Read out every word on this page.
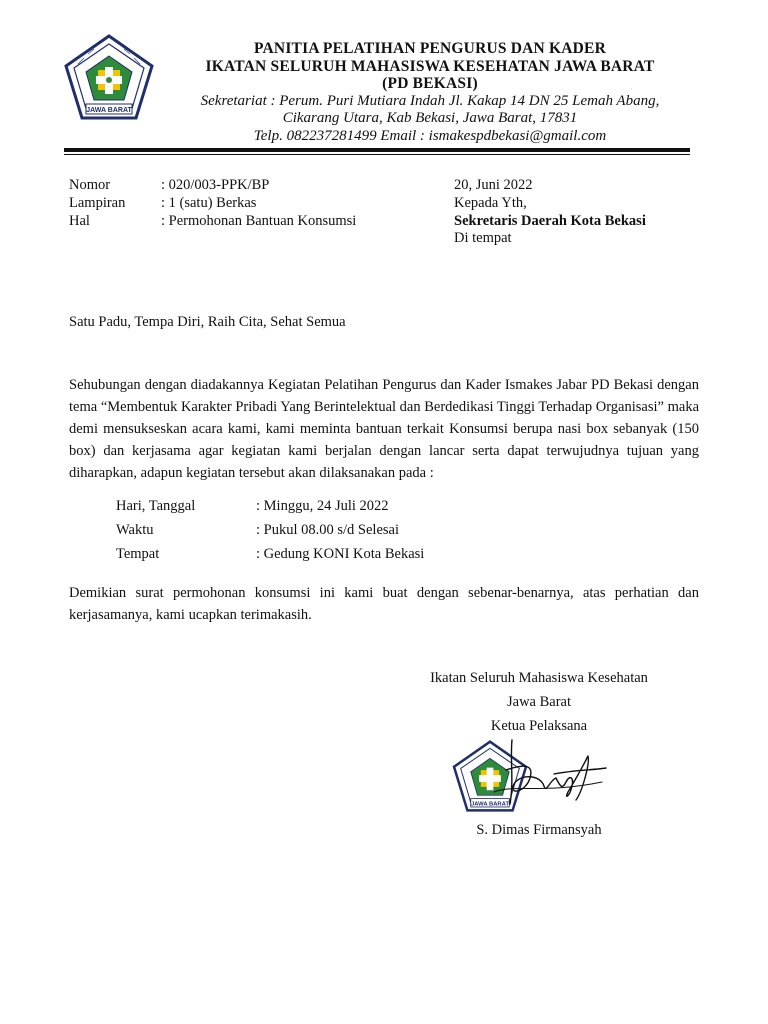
JAWA BARAT
PANITIA PELATIHAN PENGURUS DAN KADER
IKATAN SELURUH MAHASISWA KESEHATAN JAWA BARAT
(PD BEKASI)
Sekretariat : Perum. Puri Mutiara Indah Jl. Kakap 14 DN 25 Lemah Abang,
Cikarang Utara, Kab Bekasi, Jawa Barat, 17831
Telp. 082237281499 Email : ismakespdbekasi@gmail.com
Nomor	: 020/003-PPK/BP
Lampiran : 1 (satu) Berkas
Hal	: Permohonan Bantuan Konsumsi
20, Juni 2022
Kepada Yth,
Sekretaris Daerah Kota Bekasi
Di tempat
Satu Padu, Tempa Diri, Raih Cita, Sehat Semua
Sehubungan dengan diadakannya Kegiatan Pelatihan Pengurus dan Kader Ismakes Jabar PD Bekasi dengan tema “Membentuk Karakter Pribadi Yang Berintelektual dan Berdedikasi Tinggi Terhadap Organisasi” maka demi mensukseskan acara kami, kami meminta bantuan terkait Konsumsi berupa nasi box sebanyak (150 box) dan kerjasama agar kegiatan kami berjalan dengan lancar serta dapat terwujudnya tujuan yang diharapkan, adapun kegiatan tersebut akan dilaksanakan pada :
Hari, Tanggal	: Minggu, 24 Juli 2022
Waktu	: Pukul 08.00 s/d Selesai
Tempat	: Gedung KONI Kota Bekasi
Demikian surat permohonan konsumsi ini kami buat dengan sebenar-benarnya, atas perhatian dan kerjasamanya, kami ucapkan terimakasih.
Ikatan Seluruh Mahasiswa Kesehatan
Jawa Barat
Ketua Pelaksana
JAWA BARAT
S. Dimas Firmansyah
